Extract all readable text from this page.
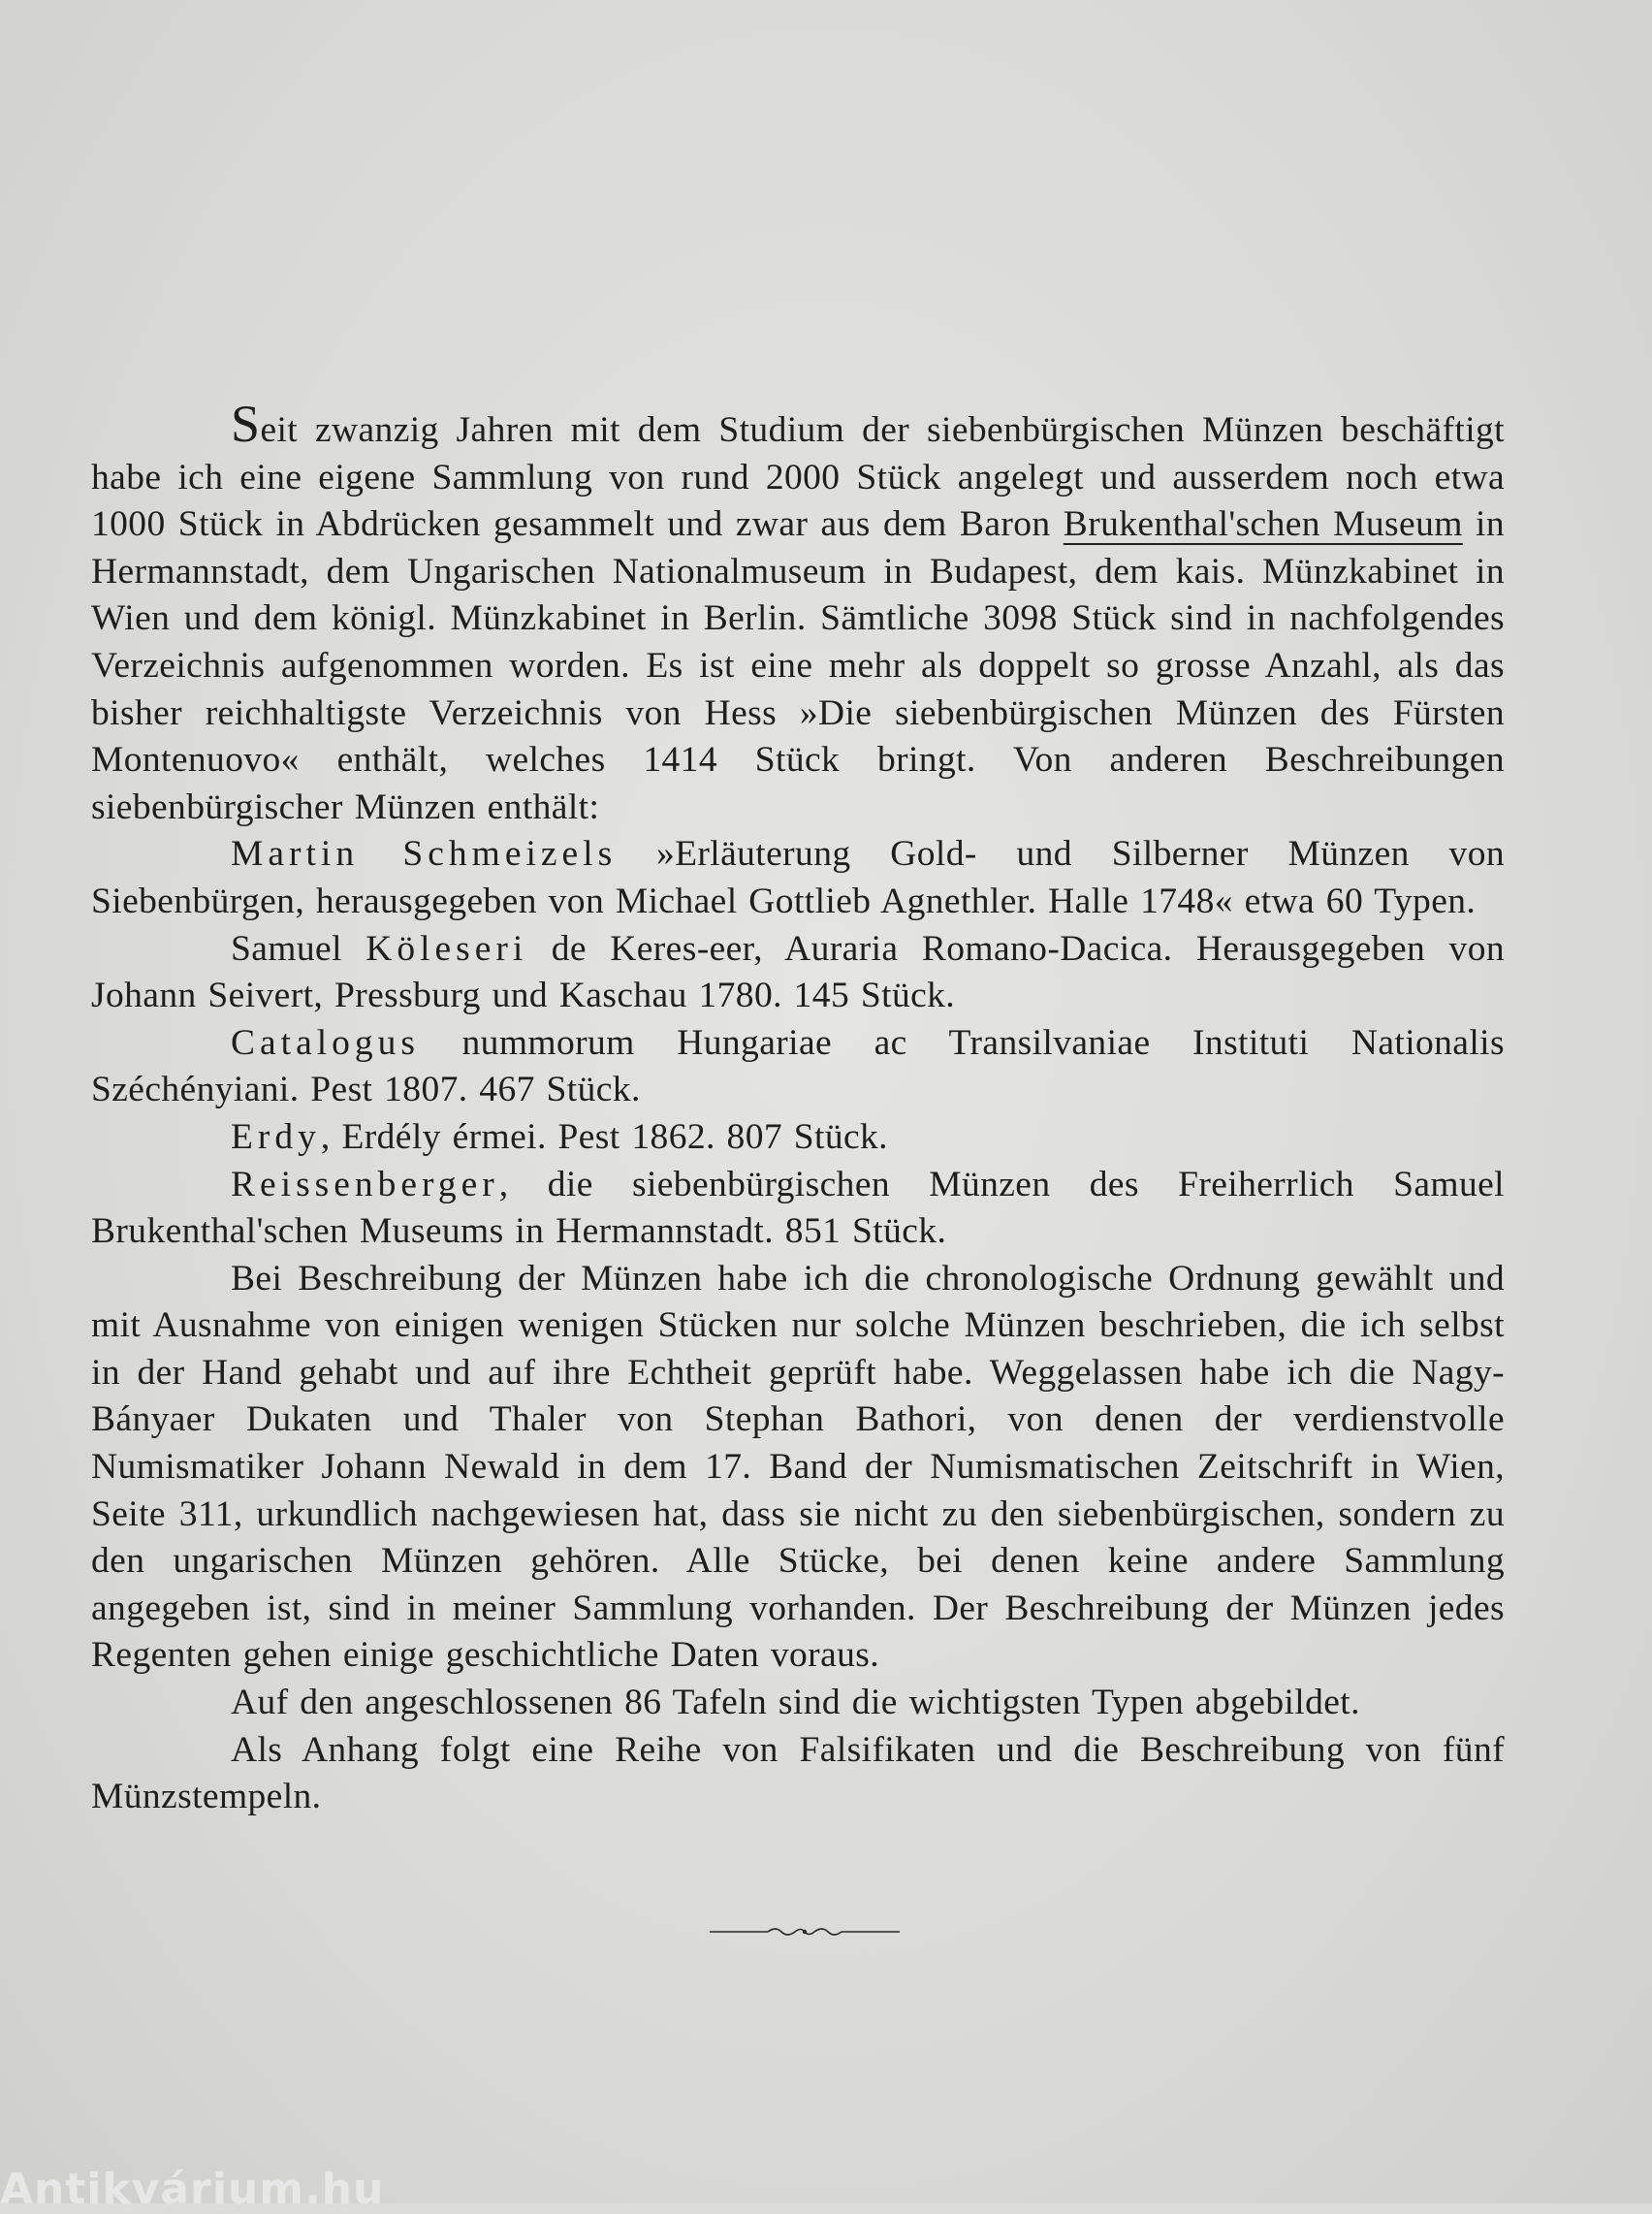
Seit zwanzig Jahren mit dem Studium der siebenbürgischen Münzen beschäftigt habe ich eine eigene Sammlung von rund 2000 Stück angelegt und ausserdem noch etwa 1000 Stück in Abdrücken gesammelt und zwar aus dem Baron Brukenthal'schen Museum in Hermannstadt, dem Ungarischen Nationalmuseum in Budapest, dem kais. Münzkabinet in Wien und dem königl. Münzkabinet in Berlin. Sämtliche 3098 Stück sind in nachfolgendes Verzeichnis aufgenommen worden. Es ist eine mehr als doppelt so grosse Anzahl, als das bisher reichhaltigste Verzeichnis von Hess »Die siebenbürgischen Münzen des Fürsten Montenuovo« enthält, welches 1414 Stück bringt. Von anderen Beschreibungen siebenbürgischer Münzen enthält:

Martin Schmeizels »Erläuterung Gold- und Silberner Münzen von Siebenbürgen, herausgegeben von Michael Gottlieb Agnethler. Halle 1748« etwa 60 Typen.

Samuel Köleseri de Keres-eer, Auraria Romano-Dacica. Herausgegeben von Johann Seivert, Pressburg und Kaschau 1780. 145 Stück.

Catalogus nummorum Hungariae ac Transilvaniae Instituti Nationalis Széchényiani. Pest 1807. 467 Stück.

Erdy, Erdély érmei. Pest 1862. 807 Stück.

Reissenberger, die siebenbürgischen Münzen des Freiherrlich Samuel Brukenthal'schen Museums in Hermannstadt. 851 Stück.

Bei Beschreibung der Münzen habe ich die chronologische Ordnung gewählt und mit Ausnahme von einigen wenigen Stücken nur solche Münzen beschrieben, die ich selbst in der Hand gehabt und auf ihre Echtheit geprüft habe. Weggelassen habe ich die Nagy-Bányaer Dukaten und Thaler von Stephan Bathori, von denen der verdienstvolle Numismatiker Johann Newald in dem 17. Band der Numismatischen Zeitschrift in Wien, Seite 311, urkundlich nachgewiesen hat, dass sie nicht zu den siebenbürgischen, sondern zu den ungarischen Münzen gehören. Alle Stücke, bei denen keine andere Sammlung angegeben ist, sind in meiner Sammlung vorhanden. Der Beschreibung der Münzen jedes Regenten gehen einige geschichtliche Daten voraus.

Auf den angeschlossenen 86 Tafeln sind die wichtigsten Typen abgebildet.

Als Anhang folgt eine Reihe von Falsifikaten und die Beschreibung von fünf Münzstempeln.

Antikvárium.hu
